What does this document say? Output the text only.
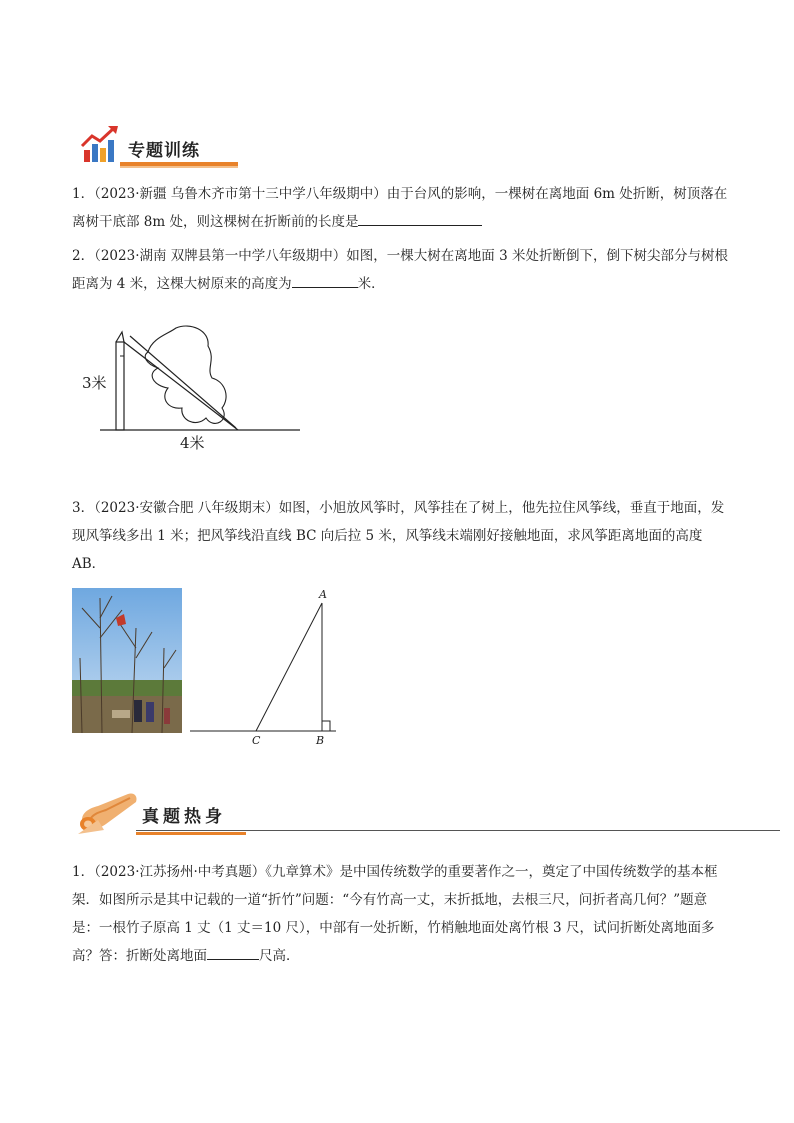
专题训练

1．（2023·新疆 乌鲁木齐市第十三中学八年级期中）由于台风的影响，一棵树在离地面 6m 处折断，树顶落在离树干底部 8m 处，则这棵树在折断前的长度是

2．（2023·湖南 双牌县第一中学八年级期中）如图，一棵大树在离地面 3 米处折断倒下，倒下树尖部分与树根距离为 4 米，这棵大树原来的高度为	米．

3米
4米

3．（2023·安徽合肥 八年级期末）如图，小旭放风筝时，风筝挂在了树上，他先拉住风筝线，垂直于地面，发现风筝线多出 1 米；把风筝线沿直线 BC 向后拉 5 米，风筝线末端刚好接触地面，求风筝距离地面的高度 AB．

A
B
C
真题热身

1．（2023·江苏扬州·中考真题）《九章算术》是中国传统数学的重要著作之一，奠定了中国传统数学的基本框架．如图所示是其中记载的一道“折竹”问题：“今有竹高一丈，末折抵地，去根三尺，问折者高几何？”题意是：一根竹子原高 1 丈（1 丈＝10 尺），中部有一处折断，竹梢触地面处离竹根 3 尺，试问折断处离地面多高？答：折断处离地面	尺高．
